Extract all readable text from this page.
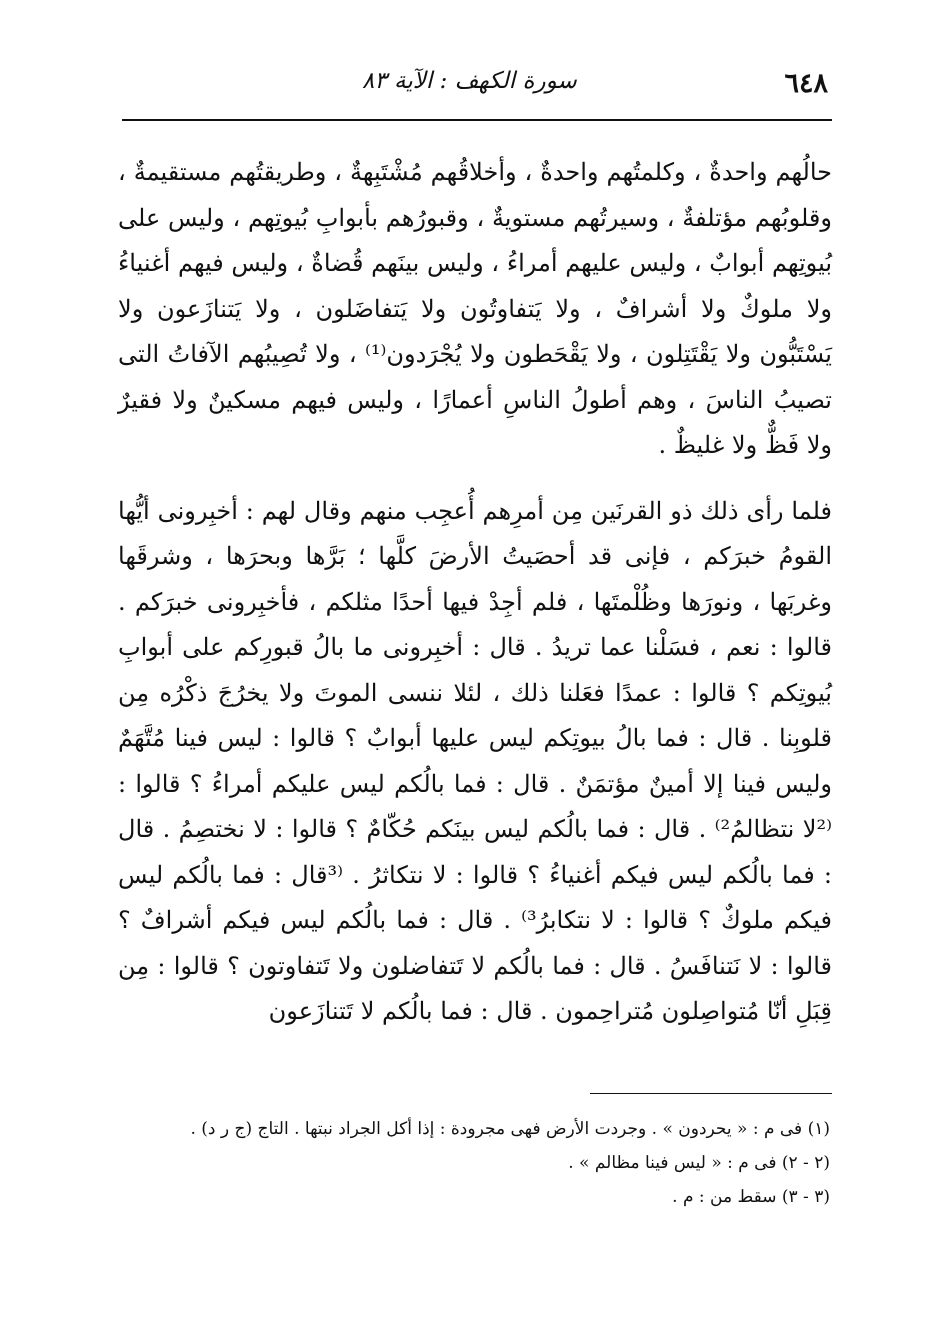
٦٤٨
سورة الكهف : الآية ٨٣

حالُهم واحدةٌ ، وكلمتُهم واحدةٌ ، وأخلاقُهم مُشْتَبِهةٌ ، وطريقتُهم مستقيمةٌ ، وقلوبُهم مؤتلفةٌ ، وسيرتُهم مستويةٌ ، وقبورُهم بأبوابِ بُيوتِهم ، وليس على بُيوتِهم أبوابٌ ، وليس عليهم أمراءُ ، وليس بينَهم قُضاةٌ ، وليس فيهم أغنياءُ ولا ملوكٌ ولا أشرافٌ ، ولا يَتفاوتُون ولا يَتفاضَلون ، ولا يَتنازَعون ولا يَسْتَبُّون ولا يَقْتَتِلون ، ولا يَقْحَطون ولا يُجْرَدون⁽¹⁾ ، ولا تُصِيبُهم الآفاتُ التى تصيبُ الناسَ ، وهم أطولُ الناسِ أعمارًا ، وليس فيهم مسكينٌ ولا فقيرٌ ولا فَظٌّ ولا غليظٌ .

فلما رأى ذلك ذو القرنَين مِن أمرِهم أُعجِب منهم وقال لهم : أخبِرونى أيُّها القومُ خبرَكم ، فإنى قد أحصَيتُ الأرضَ كلَّها ؛ بَرَّها وبحرَها ، وشرقَها وغربَها ، ونورَها وظُلْمتَها ، فلم أجِدْ فيها أحدًا مثلكم ، فأخبِرونى خبرَكم . قالوا : نعم ، فسَلْنا عما تريدُ . قال : أخبِرونى ما بالُ قبورِكم على أبوابِ بُيوتِكم ؟ قالوا : عمدًا فعَلنا ذلك ، لئلا ننسى الموتَ ولا يخرُجَ ذكْرُه مِن قلوبِنا . قال : فما بالُ بيوتِكم ليس عليها أبوابٌ ؟ قالوا : ليس فينا مُتَّهَمٌ وليس فينا إلا أمينٌ مؤتمَنٌ . قال : فما بالُكم ليس عليكم أمراءُ ؟ قالوا : ⁽²لا نتظالمُ²⁾ . قال : فما بالُكم ليس بينَكم حُكّامٌ ؟ قالوا : لا نختصِمُ . قال : فما بالُكم ليس فيكم أغنياءُ ؟ قالوا : لا نتكاثرُ . ⁽³قال : فما بالُكم ليس فيكم ملوكٌ ؟ قالوا : لا نتكابرُ³⁾ . قال : فما بالُكم ليس فيكم أشرافٌ ؟ قالوا : لا نَتنافَسُ . قال : فما بالُكم لا تَتفاضلون ولا تَتفاوتون ؟ قالوا : مِن قِبَلِ أنّا مُتواصِلون مُتراحِمون . قال : فما بالُكم لا تَتنازَعون

(١) فى م : « يحردون » . وجردت الأرض فهى مجرودة : إذا أكل الجراد نبتها . التاج (ج ر د) .
(٢ - ٢) فى م : « ليس فينا مظالم » .
(٣ - ٣) سقط من : م .
